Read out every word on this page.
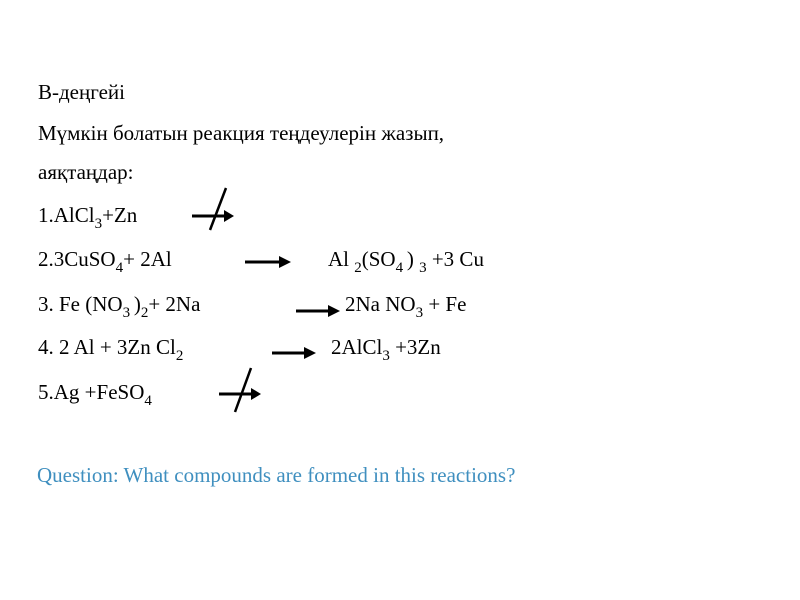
В-деңгейі
Мүмкін болатын реакция теңдеулерін жазып,
аяқтаңдар:
1.AlCl$_3$+Zn
2.3CuSO$_4$+ 2Al	Al $_2(SO_4$ ) $_3$ +3 Cu
3. Fe ($NO_3$ )$_2+ 2Na$	2Na $NO_3 + Fe$
4. 2 Al + 3Zn $Cl_2$	2AlCl$_3$ +3Zn
5.Ag +FeSO$_4$
Question: What compounds are formed in this reactions?
